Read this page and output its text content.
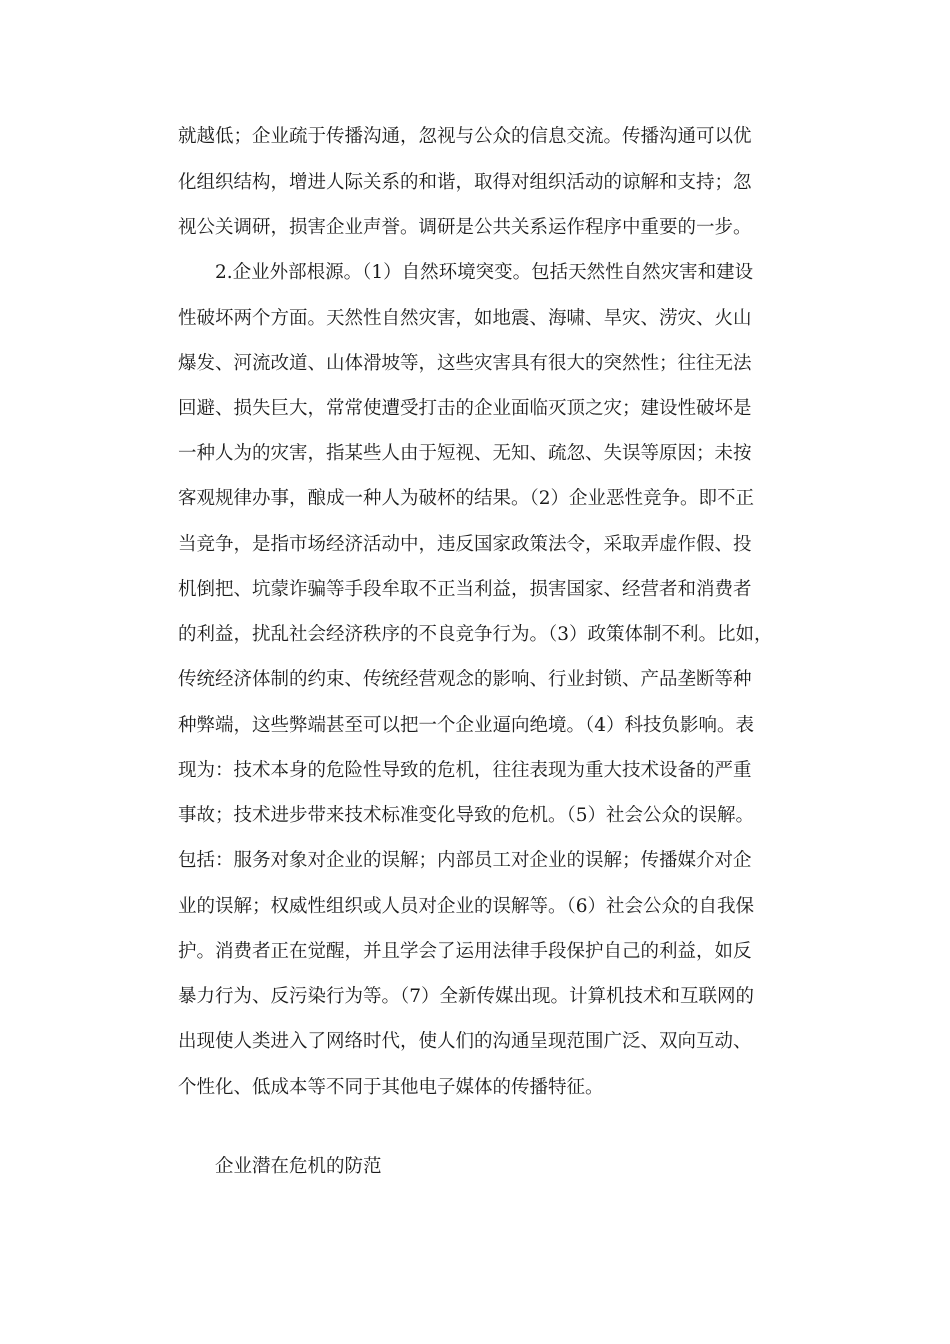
就越低；企业疏于传播沟通，忽视与公众的信息交流。传播沟通可以优
化组织结构，增进人际关系的和谐，取得对组织活动的谅解和支持；忽
视公关调研，损害企业声誉。调研是公共关系运作程序中重要的一步。
2.企业外部根源。（1）自然环境突变。包括天然性自然灾害和建设
性破坏两个方面。天然性自然灾害，如地震、海啸、旱灾、涝灾、火山
爆发、河流改道、山体滑坡等，这些灾害具有很大的突然性；往往无法
回避、损失巨大，常常使遭受打击的企业面临灭顶之灾；建设性破坏是
一种人为的灾害，指某些人由于短视、无知、疏忽、失误等原因；未按
客观规律办事，酿成一种人为破杯的结果。（2）企业恶性竞争。即不正
当竞争，是指市场经济活动中，违反国家政策法令，采取弄虚作假、投
机倒把、坑蒙诈骗等手段牟取不正当利益，损害国家、经营者和消费者
的利益，扰乱社会经济秩序的不良竞争行为。（3）政策体制不利。比如，
传统经济体制的约束、传统经营观念的影响、行业封锁、产品垄断等种
种弊端，这些弊端甚至可以把一个企业逼向绝境。（4）科技负影响。表
现为：技术本身的危险性导致的危机，往往表现为重大技术设备的严重
事故；技术进步带来技术标准变化导致的危机。（5）社会公众的误解。
包括：服务对象对企业的误解；内部员工对企业的误解；传播媒介对企
业的误解；权威性组织或人员对企业的误解等。（6）社会公众的自我保
护。消费者正在觉醒，并且学会了运用法律手段保护自己的利益，如反
暴力行为、反污染行为等。（7）全新传媒出现。计算机技术和互联网的
出现使人类进入了网络时代，使人们的沟通呈现范围广泛、双向互动、
个性化、低成本等不同于其他电子媒体的传播特征。
企业潜在危机的防范
